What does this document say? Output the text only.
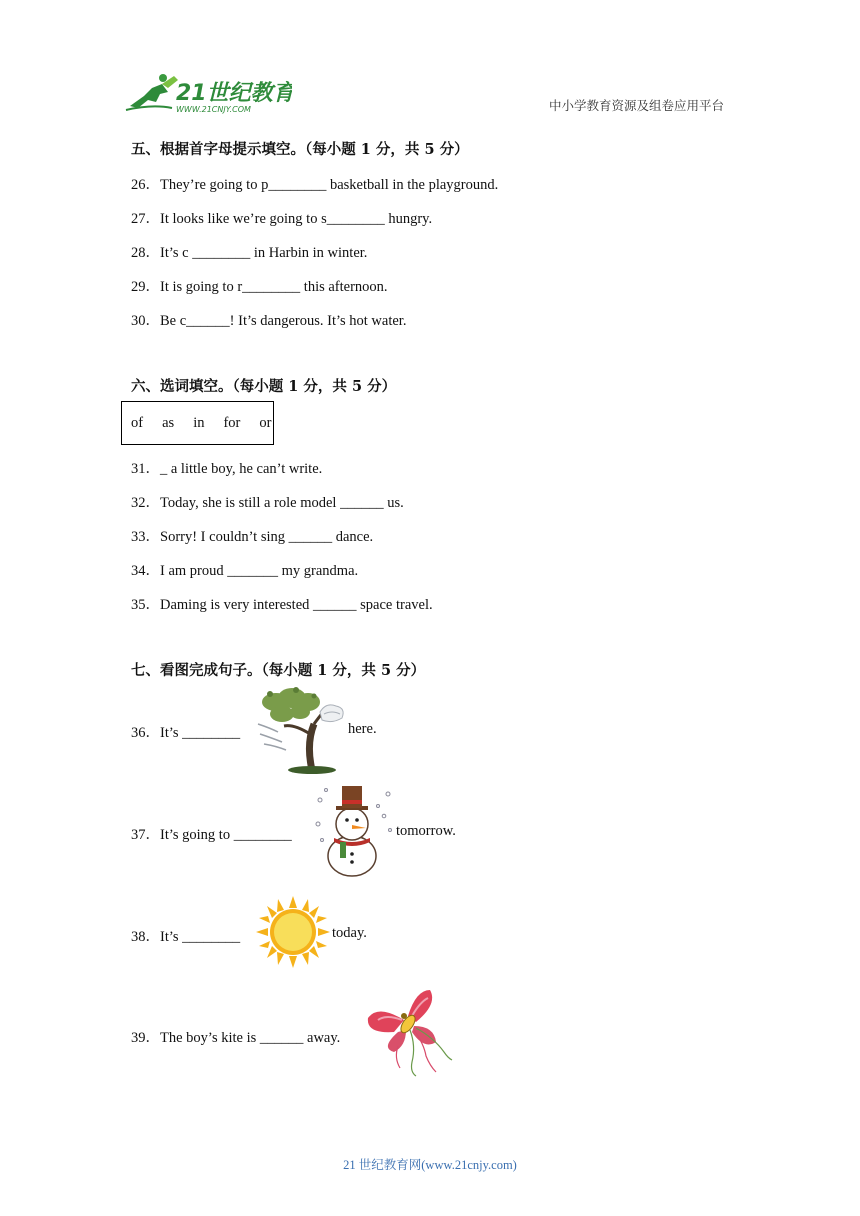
21世纪教育
WWW.21CNJY.COM	中小学教育资源及组卷应用平台
五、根据首字母提示填空。（每小题 1 分，共 5 分）
26．They’re going to p________ basketball in the playground.
27．It looks like we’re going to s________ hungry.
28．It’s c ________ in Harbin in winter.
29．It is going to r________ this afternoon.
30．Be c______! It’s dangerous. It’s hot water.
六、选词填空。（每小题 1 分，共 5 分）
of as in for or
31．_ a little boy, he can’t write.
32．Today, she is still a role model ______ us.
33．Sorry! I couldn’t sing ______ dance.
34．I am proud _______ my grandma.
35．Daming is very interested ______ space travel.
七、看图完成句子。（每小题 1 分，共 5 分）
36．It’s ________	here.
37．It’s going to ________	tomorrow.
38．It’s ________	today.
39．The boy’s kite is ______ away.
21 世纪教育网(www.21cnjy.com)
